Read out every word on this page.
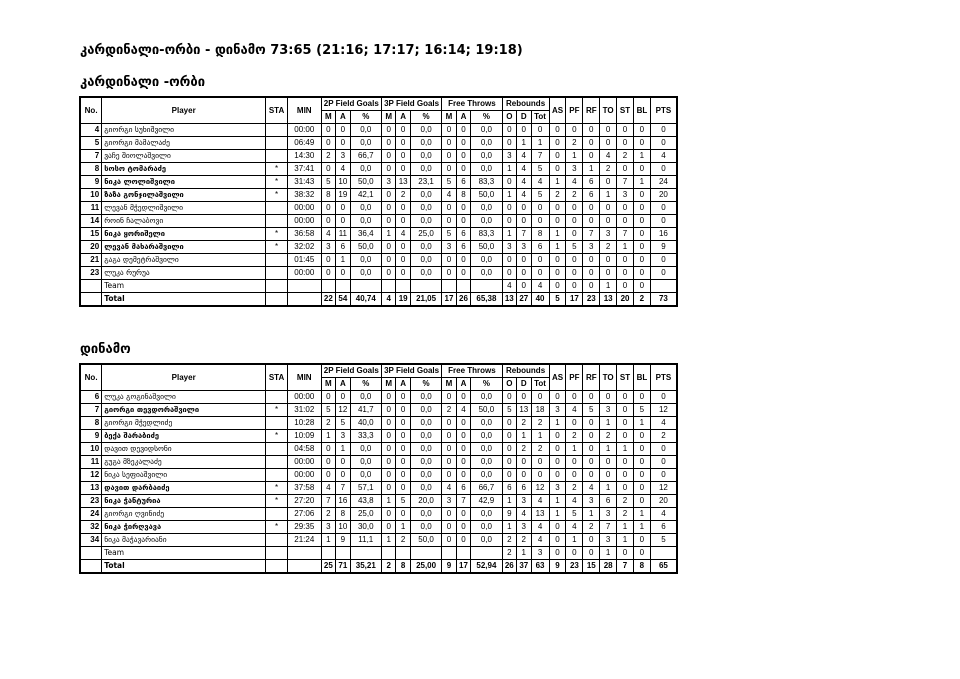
კარდინალი-ორბი - დინამო 73:65 (21:16; 17:17; 16:14; 19:18)
კარდინალი -ორბი
No.	Player	STA	MIN	2P Field Goals			3P Field Goals			Free Throws			Rebounds			AS	PF	RF	TO	ST	BL	PTS
				M	A	%	M	A	%	M	A	%	O	D	Tot							
4	გიორგი სუხიშვილი		00:00	0	0	0,0	0	0	0,0	0	0	0,0	0	0	0	0	0	0	0	0	0	0
5	გიორგი მამალაძე		06:49	0	0	0,0	0	0	0,0	0	0	0,0	0	1	1	0	2	0	0	0	0	0
7	ვაჩე შიოლაშვილი		14:30	2	3	66,7	0	0	0,0	0	0	0,0	3	4	7	0	1	0	4	2	1	4
8	სოსო ტომარაძე	*	37:41	0	4	0,0	0	0	0,0	0	0	0,0	1	4	5	0	3	1	2	0	0	0
9	ნიკა ლოლიშვილი	*	31:43	5	10	50,0	3	13	23,1	5	6	83,3	0	4	4	1	4	6	0	7	1	24
10	ზაზა გონჯილაშვილი	*	38:32	8	19	42,1	0	2	0,0	4	8	50,0	1	4	5	2	2	6	1	3	0	20
11	ლევან მჭედლიშვილი		00:00	0	0	0,0	0	0	0,0	0	0	0,0	0	0	0	0	0	0	0	0	0	0
14	როინ ჩალაბოვი		00:00	0	0	0,0	0	0	0,0	0	0	0,0	0	0	0	0	0	0	0	0	0	0
15	ნიკა ყორიშელი	*	36:58	4	11	36,4	1	4	25,0	5	6	83,3	1	7	8	1	0	7	3	7	0	16
20	ლევან მახარაშვილი	*	32:02	3	6	50,0	0	0	0,0	3	6	50,0	3	3	6	1	5	3	2	1	0	9
21	გაგა დემეტრაშვილი		01:45	0	1	0,0	0	0	0,0	0	0	0,0	0	0	0	0	0	0	0	0	0	0
23	ლუკა რურუა		00:00	0	0	0,0	0	0	0,0	0	0	0,0	0	0	0	0	0	0	0	0	0	0
	Team												4	0	4	0	0	0	1	0	0	
	Total			22	54	40,74	4	19	21,05	17	26	65,38	13	27	40	5	17	23	13	20	2	73
დინამო
No.	Player	STA	MIN	2P Field Goals			3P Field Goals			Free Throws			Rebounds			AS	PF	RF	TO	ST	BL	PTS
				M	A	%	M	A	%	M	A	%	O	D	Tot							
6	ლუკა გოგინაშვილი		00:00	0	0	0,0	0	0	0,0	0	0	0,0	0	0	0	0	0	0	0	0	0	0
7	გიორგი თევდორაშვილი	*	31:02	5	12	41,7	0	0	0,0	2	4	50,0	5	13	18	3	4	5	3	0	5	12
8	გიორგი მჭედლიძე		10:28	2	5	40,0	0	0	0,0	0	0	0,0	0	2	2	1	0	0	1	0	1	4
9	ბექა შარაბიძე	*	10:09	1	3	33,3	0	0	0,0	0	0	0,0	0	1	1	0	2	0	2	0	0	2
10	დავით დევიდსონი		04:58	0	1	0,0	0	0	0,0	0	0	0,0	0	2	2	0	1	0	1	1	0	0
11	გუგა მზეკალაძე		00:00	0	0	0,0	0	0	0,0	0	0	0,0	0	0	0	0	0	0	0	0	0	0
12	ნიკა სეფიაშვილი		00:00	0	0	0,0	0	0	0,0	0	0	0,0	0	0	0	0	0	0	0	0	0	0
13	დავით დარბაიძე	*	37:58	4	7	57,1	0	0	0,0	4	6	66,7	6	6	12	3	2	4	1	0	0	12
23	ნიკა ჭანტურია	*	27:20	7	16	43,8	1	5	20,0	3	7	42,9	1	3	4	1	4	3	6	2	0	20
24	გიორგი ღვინიძე		27:06	2	8	25,0	0	0	0,0	0	0	0,0	9	4	13	1	5	1	3	2	1	4
32	ნიკა ჭირღვავა	*	29:35	3	10	30,0	0	1	0,0	0	0	0,0	1	3	4	0	4	2	7	1	1	6
34	ნიკა მაჭავარიანი		21:24	1	9	11,1	1	2	50,0	0	0	0,0	2	2	4	0	1	0	3	1	0	5
	Team												2	1	3	0	0	0	1	0	0	
	Total			25	71	35,21	2	8	25,00	9	17	52,94	26	37	63	9	23	15	28	7	8	65
